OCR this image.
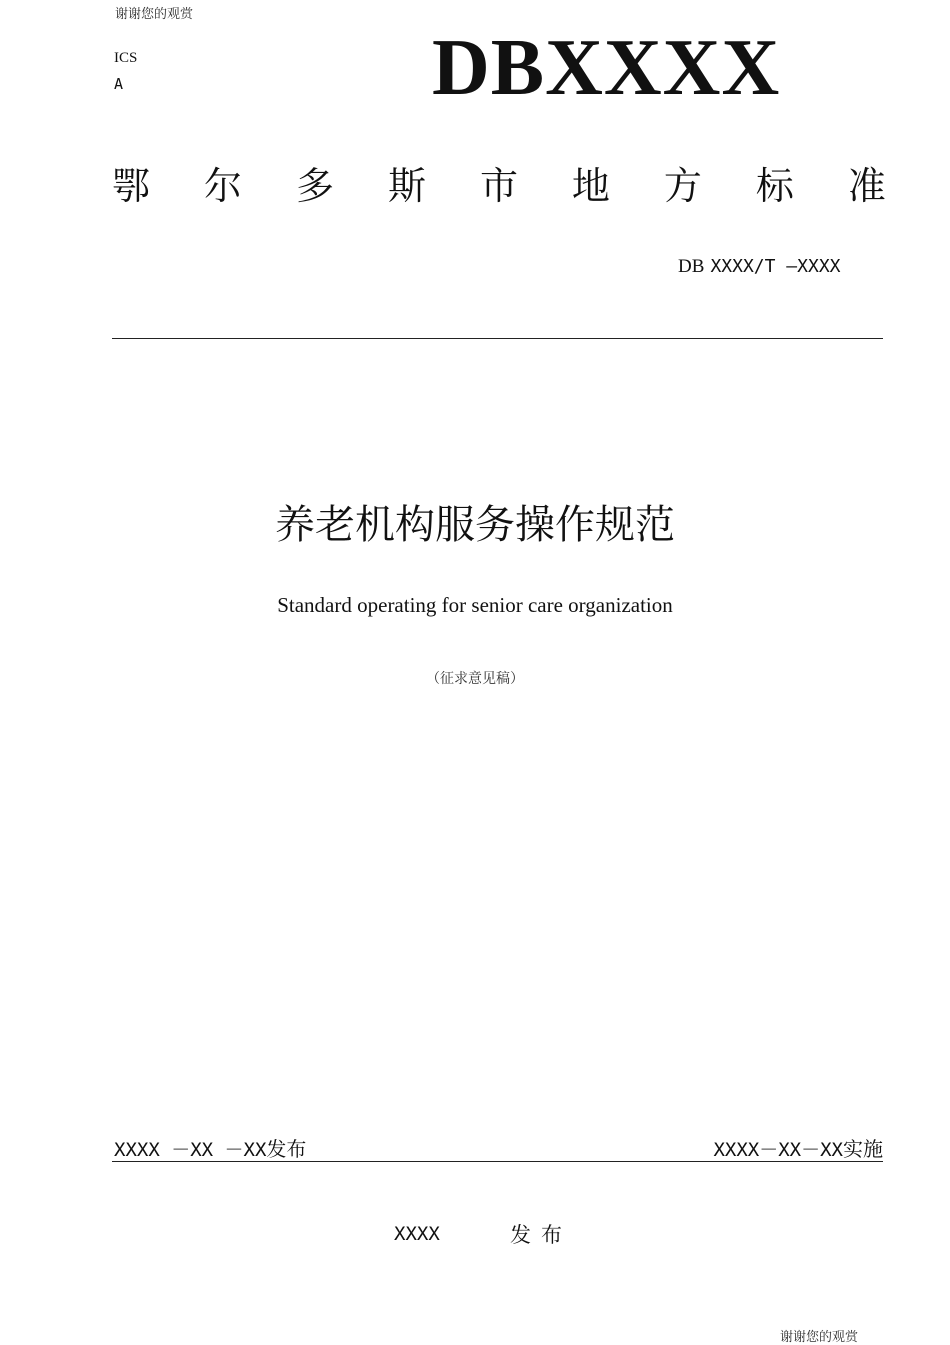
谢谢您的观赏
ICS
A	DBXXXX
鄂 尔 多 斯 市 地 方 标 准
DB XXXX/T —XXXX
养老机构服务操作规范
Standard operating for senior care organization
（征求意见稿）
XXXX －XX －XX发布	XXXX－XX－XX实施
XXXX	发布
谢谢您的观赏
